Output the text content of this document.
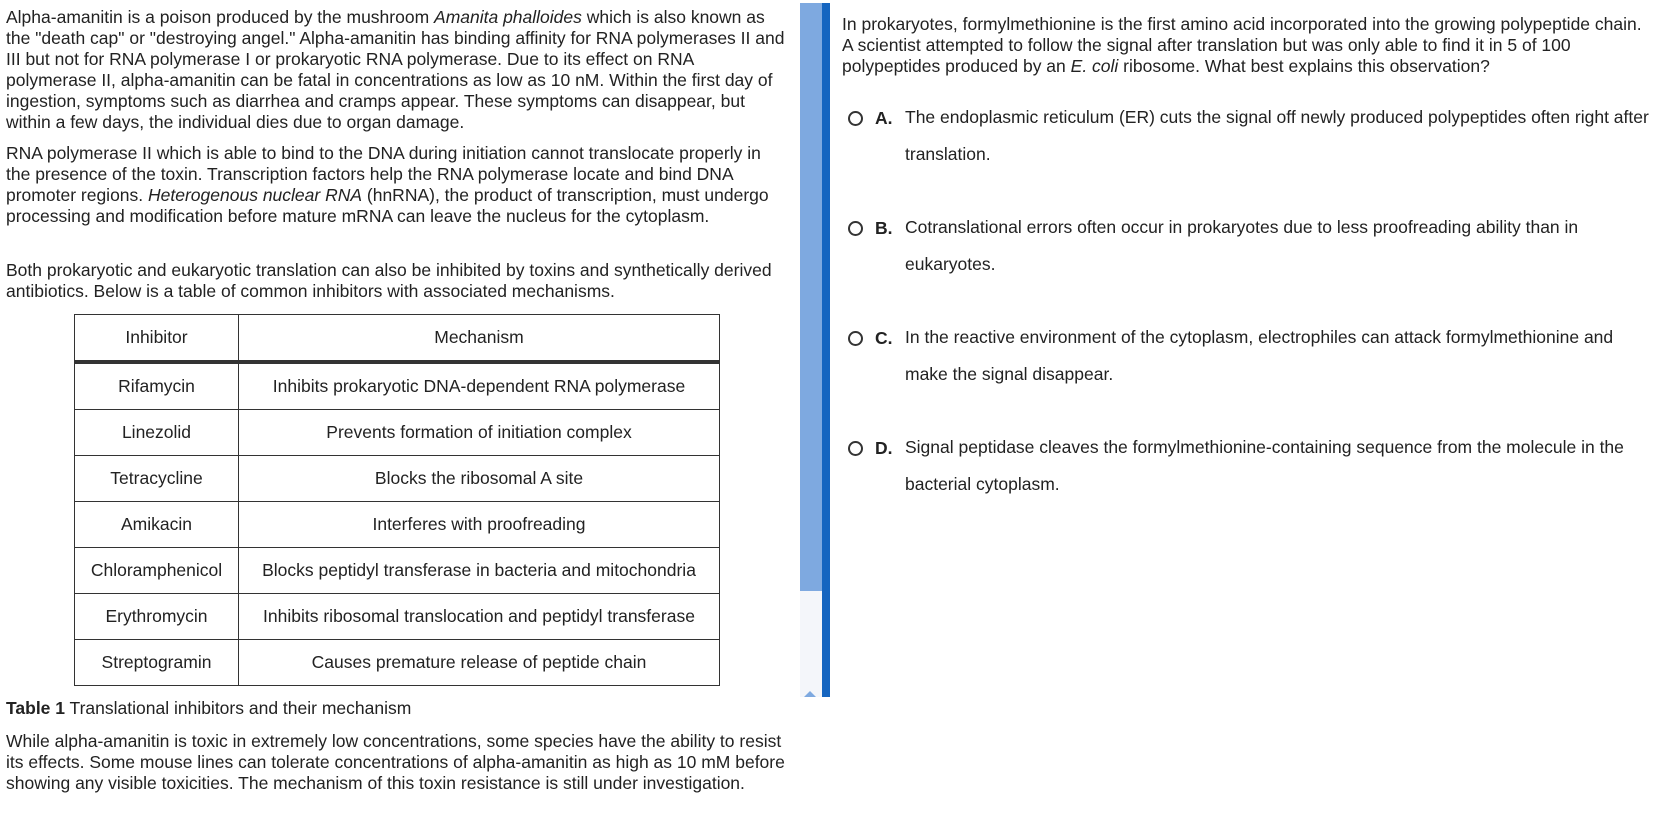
Alpha-amanitin is a poison produced by the mushroom Amanita phalloides which is also known as the "death cap" or "destroying angel." Alpha-amanitin has binding affinity for RNA polymerases II and III but not for RNA polymerase I or prokaryotic RNA polymerase. Due to its effect on RNA polymerase II, alpha-amanitin can be fatal in concentrations as low as 10 nM. Within the first day of ingestion, symptoms such as diarrhea and cramps appear. These symptoms can disappear, but within a few days, the individual dies due to organ damage.

RNA polymerase II which is able to bind to the DNA during initiation cannot translocate properly in the presence of the toxin. Transcription factors help the RNA polymerase locate and bind DNA promoter regions. Heterogenous nuclear RNA (hnRNA), the product of transcription, must undergo processing and modification before mature mRNA can leave the nucleus for the cytoplasm.

Both prokaryotic and eukaryotic translation can also be inhibited by toxins and synthetically derived antibiotics. Below is a table of common inhibitors with associated mechanisms.

Inhibitor	Mechanism
Rifamycin	Inhibits prokaryotic DNA-dependent RNA polymerase
Linezolid	Prevents formation of initiation complex
Tetracycline	Blocks the ribosomal A site
Amikacin	Interferes with proofreading
Chloramphenicol	Blocks peptidyl transferase in bacteria and mitochondria
Erythromycin	Inhibits ribosomal translocation and peptidyl transferase
Streptogramin	Causes premature release of peptide chain
Table 1 Translational inhibitors and their mechanism

While alpha-amanitin is toxic in extremely low concentrations, some species have the ability to resist its effects. Some mouse lines can tolerate concentrations of alpha-amanitin as high as 10 mM before showing any visible toxicities. The mechanism of this toxin resistance is still under investigation.

In prokaryotes, formylmethionine is the first amino acid incorporated into the growing polypeptide chain. A scientist attempted to follow the signal after translation but was only able to find it in 5 of 100 polypeptides produced by an E. coli ribosome. What best explains this observation?

A. The endoplasmic reticulum (ER) cuts the signal off newly produced polypeptides often right after translation.
B. Cotranslational errors often occur in prokaryotes due to less proofreading ability than in eukaryotes.
C. In the reactive environment of the cytoplasm, electrophiles can attack formylmethionine and make the signal disappear.
D. Signal peptidase cleaves the formylmethionine-containing sequence from the molecule in the bacterial cytoplasm.
